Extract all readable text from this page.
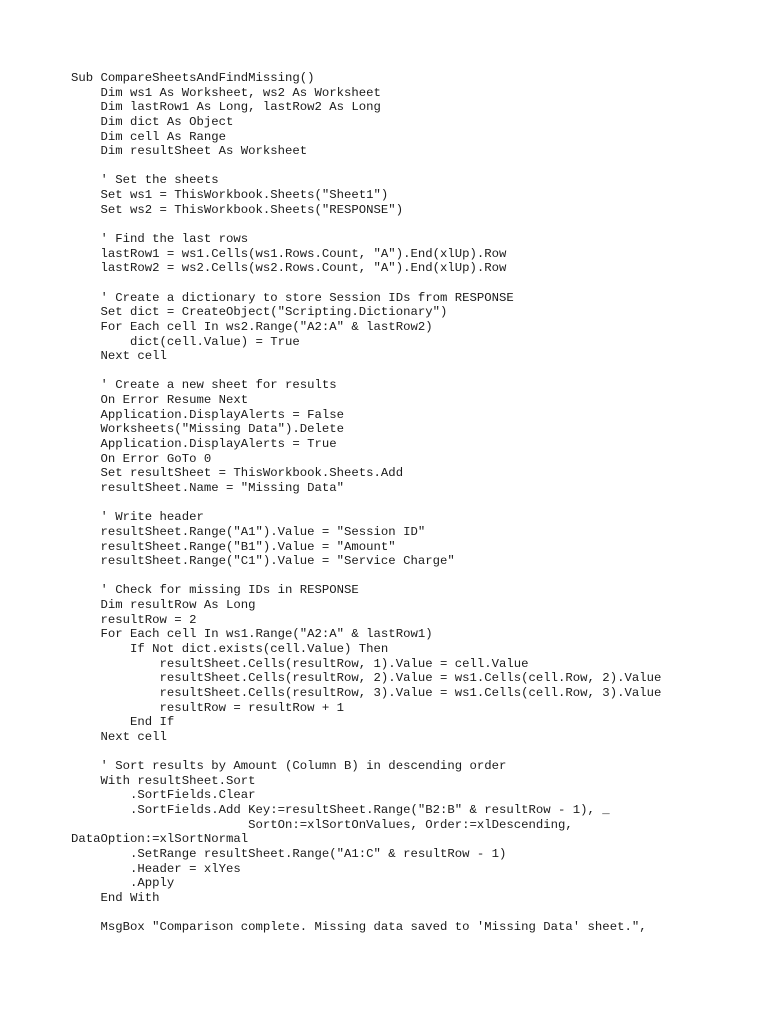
Sub CompareSheetsAndFindMissing()
Dim ws1 As Worksheet, ws2 As Worksheet
Dim lastRow1 As Long, lastRow2 As Long
Dim dict As Object
Dim cell As Range
Dim resultSheet As Worksheet
' Set the sheets
Set ws1 = ThisWorkbook.Sheets("Sheet1")
Set ws2 = ThisWorkbook.Sheets("RESPONSE")
' Find the last rows
lastRow1 = ws1.Cells(ws1.Rows.Count, "A").End(xlUp).Row
lastRow2 = ws2.Cells(ws2.Rows.Count, "A").End(xlUp).Row
' Create a dictionary to store Session IDs from RESPONSE
Set dict = CreateObject("Scripting.Dictionary")
For Each cell In ws2.Range("A2:A" & lastRow2)
dict(cell.Value) = True
Next cell
' Create a new sheet for results
On Error Resume Next
Application.DisplayAlerts = False
Worksheets("Missing Data").Delete
Application.DisplayAlerts = True
On Error GoTo 0
Set resultSheet = ThisWorkbook.Sheets.Add
resultSheet.Name = "Missing Data"
' Write header
resultSheet.Range("A1").Value = "Session ID"
resultSheet.Range("B1").Value = "Amount"
resultSheet.Range("C1").Value = "Service Charge"
' Check for missing IDs in RESPONSE
Dim resultRow As Long
resultRow = 2
For Each cell In ws1.Range("A2:A" & lastRow1)
If Not dict.exists(cell.Value) Then
resultSheet.Cells(resultRow, 1).Value = cell.Value
resultSheet.Cells(resultRow, 2).Value = ws1.Cells(cell.Row, 2).Value
resultSheet.Cells(resultRow, 3).Value = ws1.Cells(cell.Row, 3).Value
resultRow = resultRow + 1
End If
Next cell
' Sort results by Amount (Column B) in descending order
With resultSheet.Sort
.SortFields.Clear
.SortFields.Add Key:=resultSheet.Range("B2:B" & resultRow - 1), _
SortOn:=xlSortOnValues, Order:=xlDescending,
DataOption:=xlSortNormal
.SetRange resultSheet.Range("A1:C" & resultRow - 1)
.Header = xlYes
.Apply
End With
MsgBox "Comparison complete. Missing data saved to 'Missing Data' sheet.",
